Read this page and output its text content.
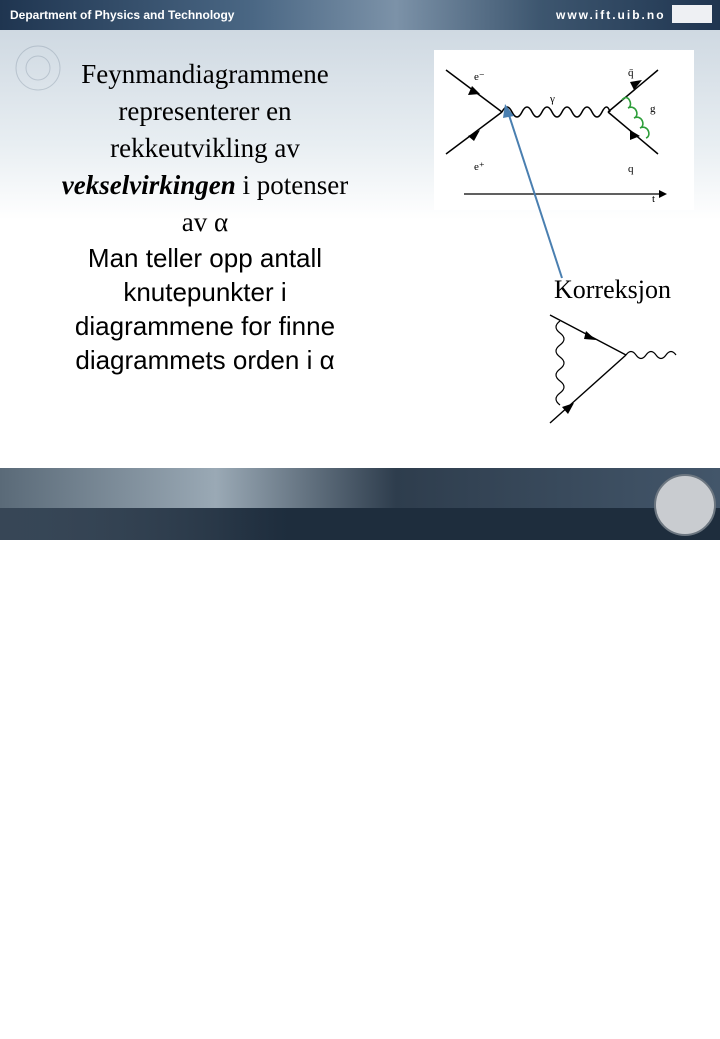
Department of Physics and Technology	www.ift.uib.no
Feynmandiagrammene
representerer en
rekkeutvikling av
vekselvirkingen i potenser
av α
Man teller opp antall
knutepunkter i
diagrammene for finne
diagrammets orden i α
e⁻
e⁺
γ
q̄
g
q
t
Korreksjon
The University of Bergen
